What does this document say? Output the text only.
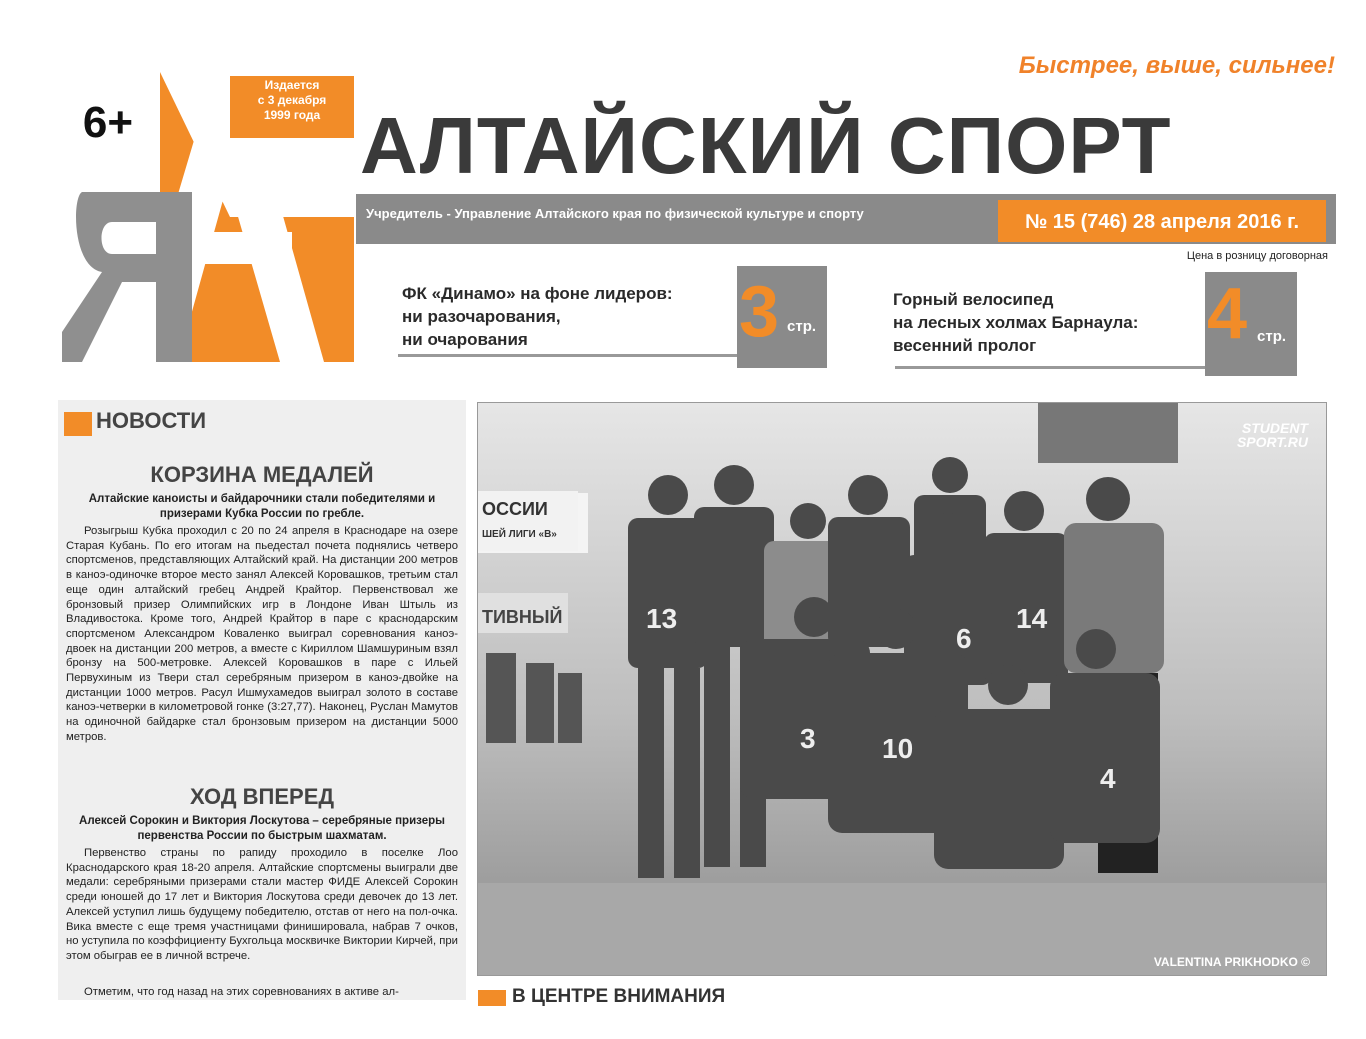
6+
Издается
с 3 декабря
1999 года
Быстрее, выше, сильнее!
АЛТАЙСКИЙ СПОРТ
Учредитель - Управление Алтайского края по физической культуре и спорту	№ 15 (746) 28 апреля 2016 г.
Цена в розницу договорная
ФК «Динамо» на фоне лидеров:
ни разочарования,
ни очарования	3 стр.
Горный велосипед
на лесных холмах Барнаула:
весенний пролог	4 стр.
НОВОСТИ
КОРЗИНА МЕДАЛЕЙ
Алтайские каноисты и байдарочники стали победителями и призерами Кубка России по гребле.
Розыгрыш Кубка проходил с 20 по 24 апреля в Краснодаре на озере Старая Кубань. По его итогам на пьедестал почета поднялись четверо спортсменов, представляющих Алтайский край. На дистанции 200 метров в каноэ-одиночке второе место занял Алексей Коровашков, третьим стал еще один алтайский гребец Андрей Крайтор. Первенствовал же бронзовый призер Олимпийских игр в Лондоне Иван Штыль из Владивостока. Кроме того, Андрей Крайтор в паре с краснодарским спортсменом Александром Коваленко выиграл соревнования каноэ-двоек на дистанции 200 метров, а вместе с Кириллом Шамшуриным взял бронзу на 500-метровке. Алексей Коровашков в паре с Ильей Первухиным из Твери стал серебряным призером в каноэ-двойке на дистанции 1000 метров. Расул Ишмухамедов выиграл золото в составе каноэ-четверки в километровой гонке (3:27,77). Наконец, Руслан Мамутов на одиночной байдарке стал бронзовым призером на дистанции 5000 метров.
ХОД ВПЕРЕД
Алексей Сорокин и Виктория Лоскутова – серебряные призеры первенства России по быстрым шахматам.
Первенство страны по рапиду проходило в поселке Лоо Краснодарского края 18-20 апреля. Алтайские спортсмены выиграли две медали: серебряными призерами стали мастер ФИДЕ Алексей Сорокин среди юношей до 17 лет и Виктория Лоскутова среди девочек до 13 лет. Алексей уступил лишь будущему победителю, отстав от него на пол-очка. Вика вместе с еще тремя участницами финишировала, набрав 7 очков, но уступила по коэффициенту Бухгольца москвичке Виктории Кирчей, при этом обыграв ее в личной встрече.
Отметим, что год назад на этих соревнованиях в активе ал-
ОССИИ
ШЕЙ ЛИГИ «В»
ТИВНЫЙ	13	14
6
3 10
4
STUDENT
SPORT.RU
VALENTINA PRIKHODKO ©
В ЦЕНТРЕ ВНИМАНИЯ
